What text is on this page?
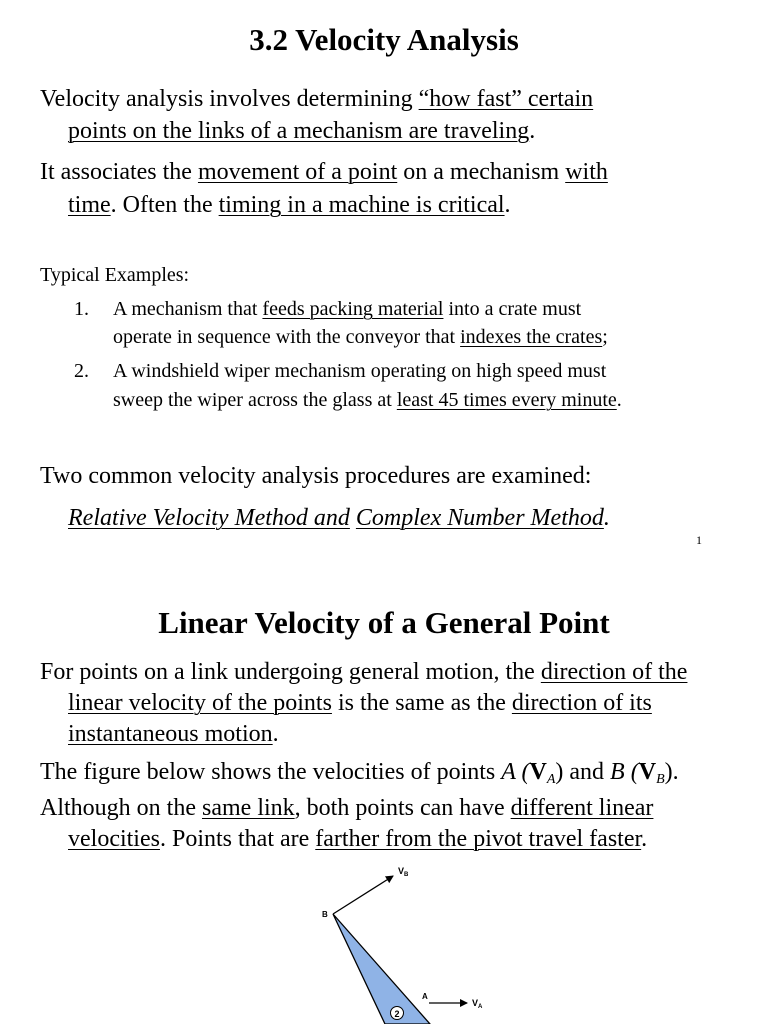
3.2 Velocity Analysis
Velocity analysis involves determining “how fast” certain
points on the links of a mechanism are traveling.
It associates the movement of a point on a mechanism with
time. Often the timing in a machine is critical.
Typical Examples:
1. A mechanism that feeds packing material into a crate must
operate in sequence with the conveyor that indexes the crates;
2. A windshield wiper mechanism operating on high speed must
sweep the wiper across the glass at least 45 times every minute.
Two common velocity analysis procedures are examined:
Relative Velocity Method and Complex Number Method.
1
Linear Velocity of a General Point
For points on a link undergoing general motion, the direction of the
linear velocity of the points is the same as the direction of its
instantaneous motion.
The figure below shows the velocities of points A $(V_A)$ and B $(V_B)$.
Although on the same link, both points can have different linear
velocities. Points that are farther from the pivot travel faster.
2
B
A
$V_B$
$V_A$
